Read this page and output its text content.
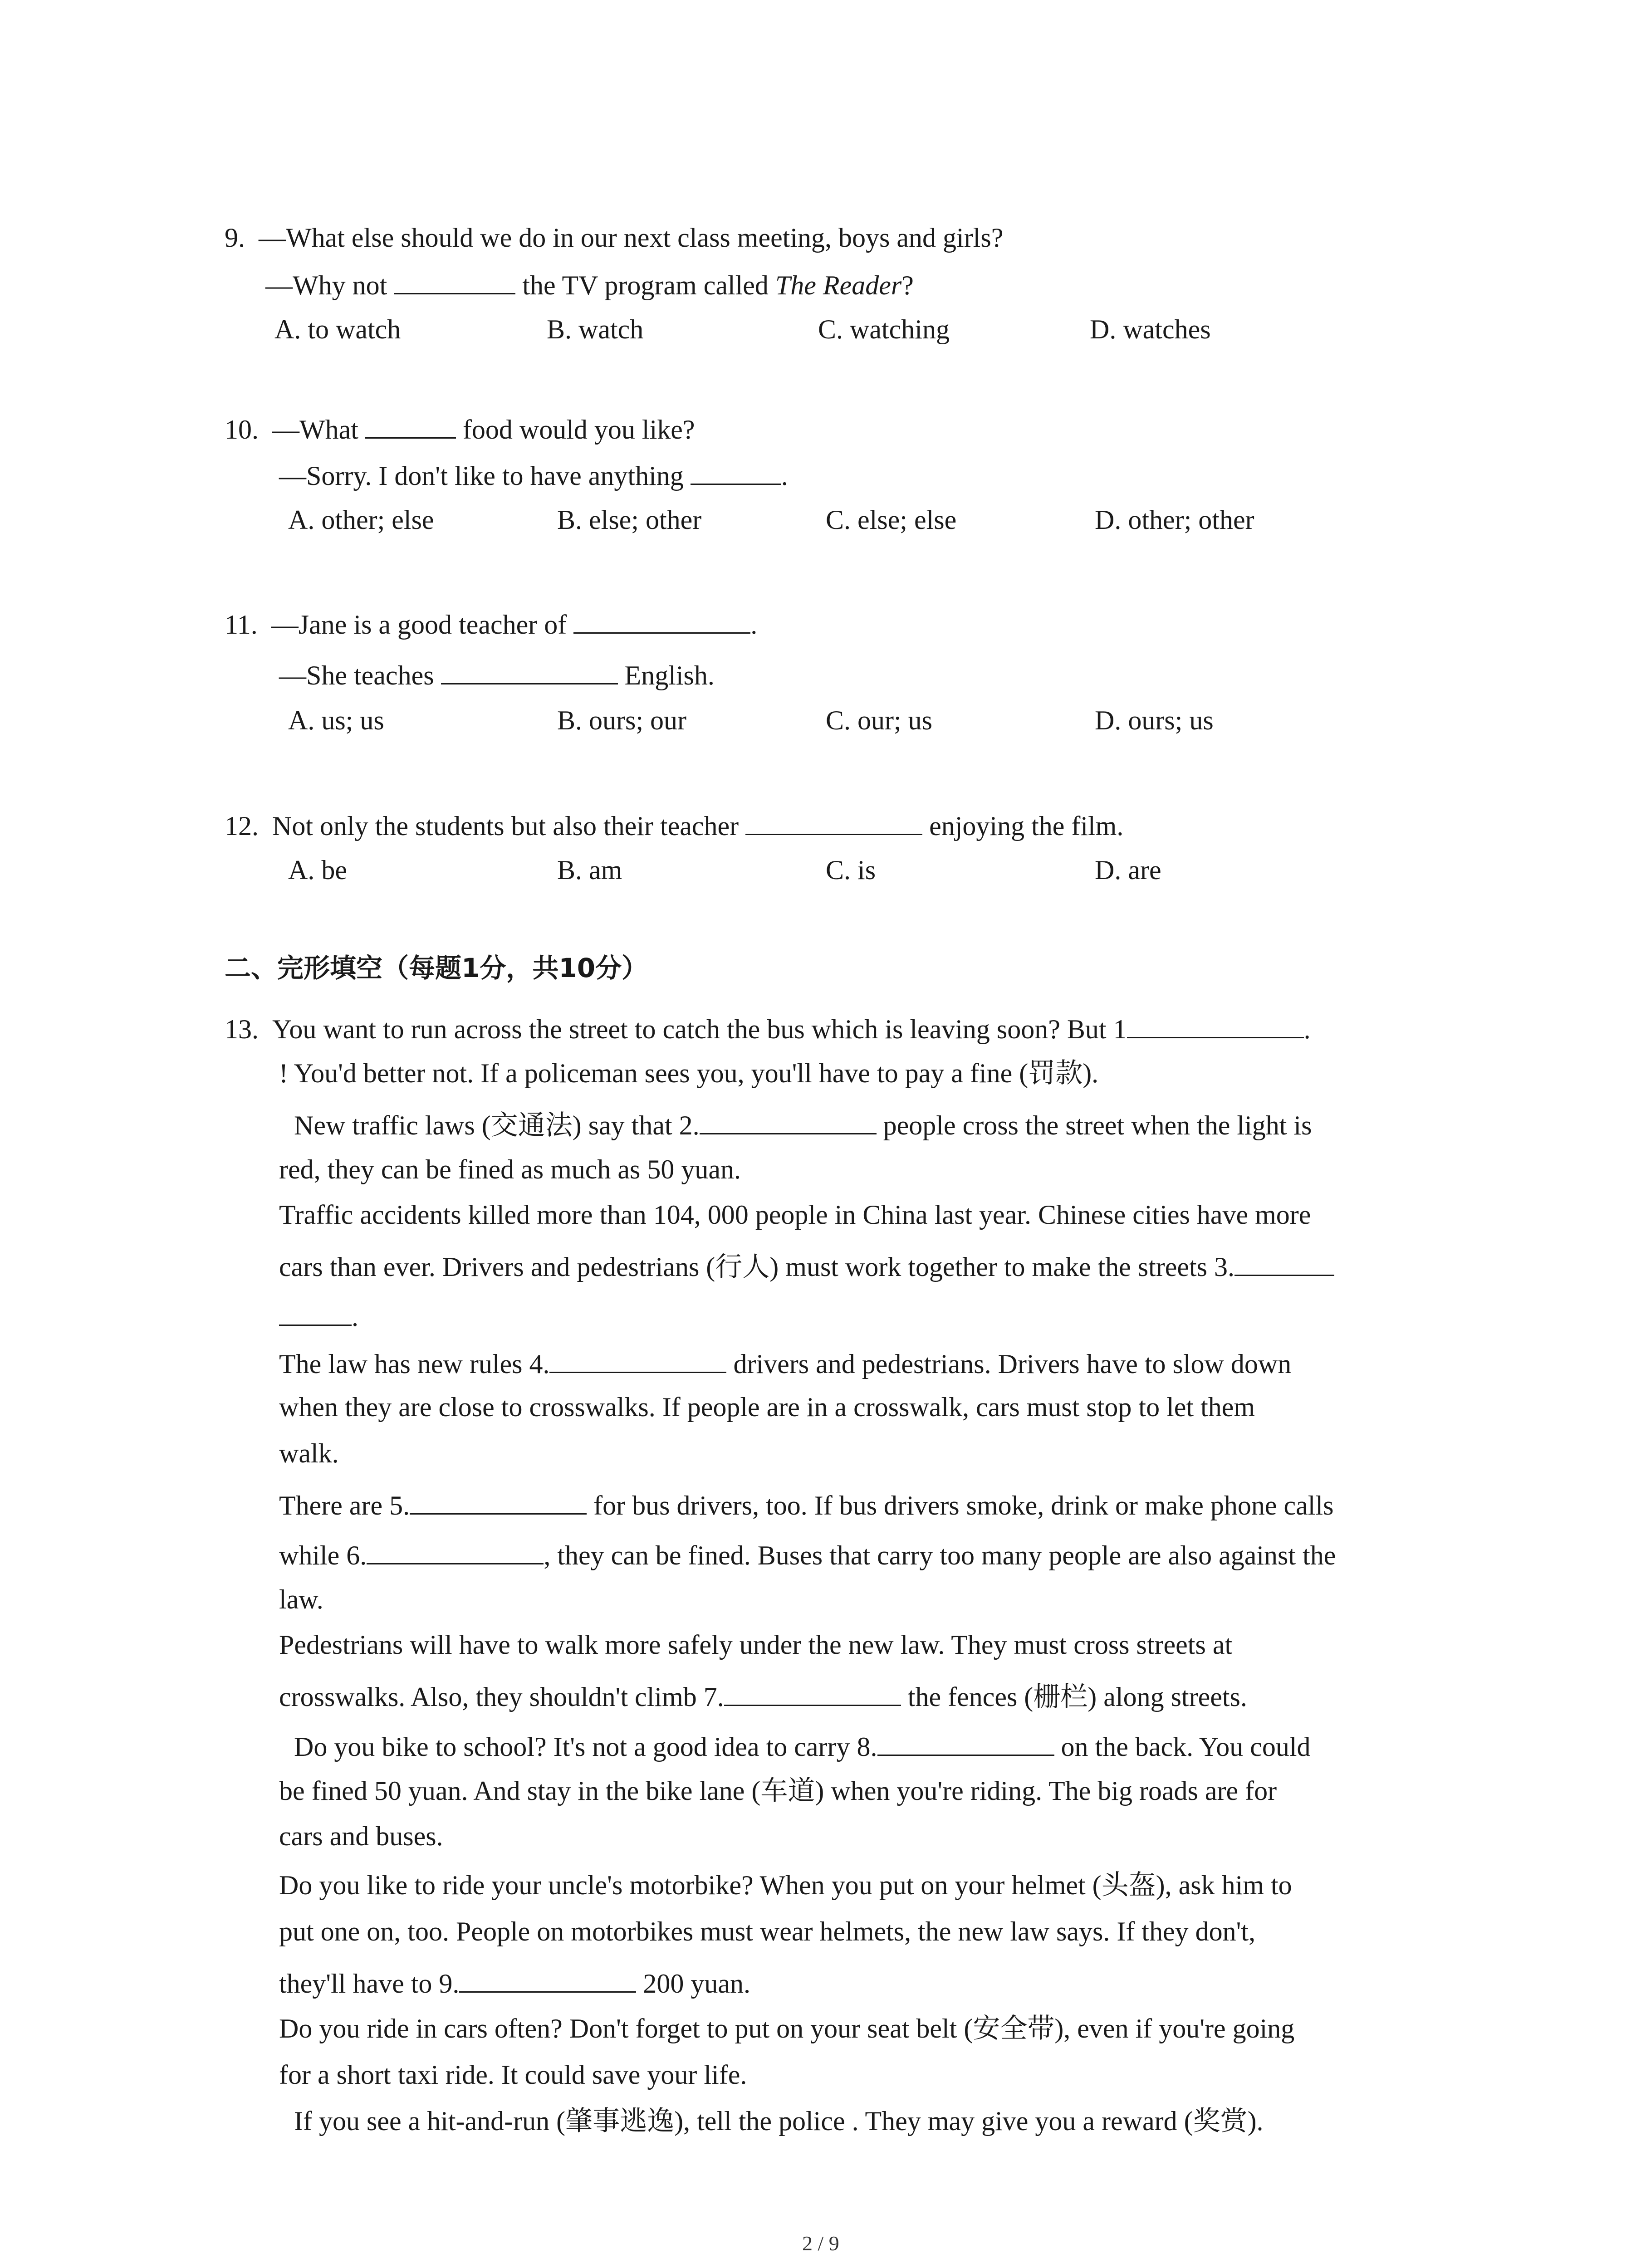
9. —What else should we do in our next class meeting, boys and girls?
—Why not	the TV program called The Reader?
A. to watch	B. watch	C. watching	D. watches
10. —What	food would you like?
—Sorry. I don't like to have anything	.
A. other; else	B. else; other	C. else; else	D. other; other
11. —Jane is a good teacher of	.
—She teaches	English.
A. us; us	B. ours; our	C. our; us	D. ours; us
12. Not only the students but also their teacher	enjoying the film.
A. be	B. am	C. is	D. are
二、完形填空（每题1分，共10分）
13. You want to run across the street to catch the bus which is leaving soon? But 1	.
! You'd better not. If a policeman sees you, you'll have to pay a fine (罚款).
New traffic laws (交通法) say that 2.	people cross the street when the light is
red, they can be fined as much as 50 yuan.
Traffic accidents killed more than 104, 000 people in China last year. Chinese cities have more
cars than ever. Drivers and pedestrians (行人) must work together to make the streets 3.
.
The law has new rules 4.	drivers and pedestrians. Drivers have to slow down
when they are close to crosswalks. If people are in a crosswalk, cars must stop to let them
walk.
There are 5.	for bus drivers, too. If bus drivers smoke, drink or make phone calls
while 6.	, they can be fined. Buses that carry too many people are also against the
law.
Pedestrians will have to walk more safely under the new law. They must cross streets at
crosswalks. Also, they shouldn't climb 7.	the fences (栅栏) along streets.
Do you bike to school? It's not a good idea to carry 8.	on the back. You could
be fined 50 yuan. And stay in the bike lane (车道) when you're riding. The big roads are for
cars and buses.
Do you like to ride your uncle's motorbike? When you put on your helmet (头盔), ask him to
put one on, too. People on motorbikes must wear helmets, the new law says. If they don't,
they'll have to 9.	200 yuan.
Do you ride in cars often? Don't forget to put on your seat belt (安全带), even if you're going
for a short taxi ride. It could save your life.
If you see a hit-and-run (肇事逃逸), tell the police . They may give you a reward (奖赏).
2 / 9
